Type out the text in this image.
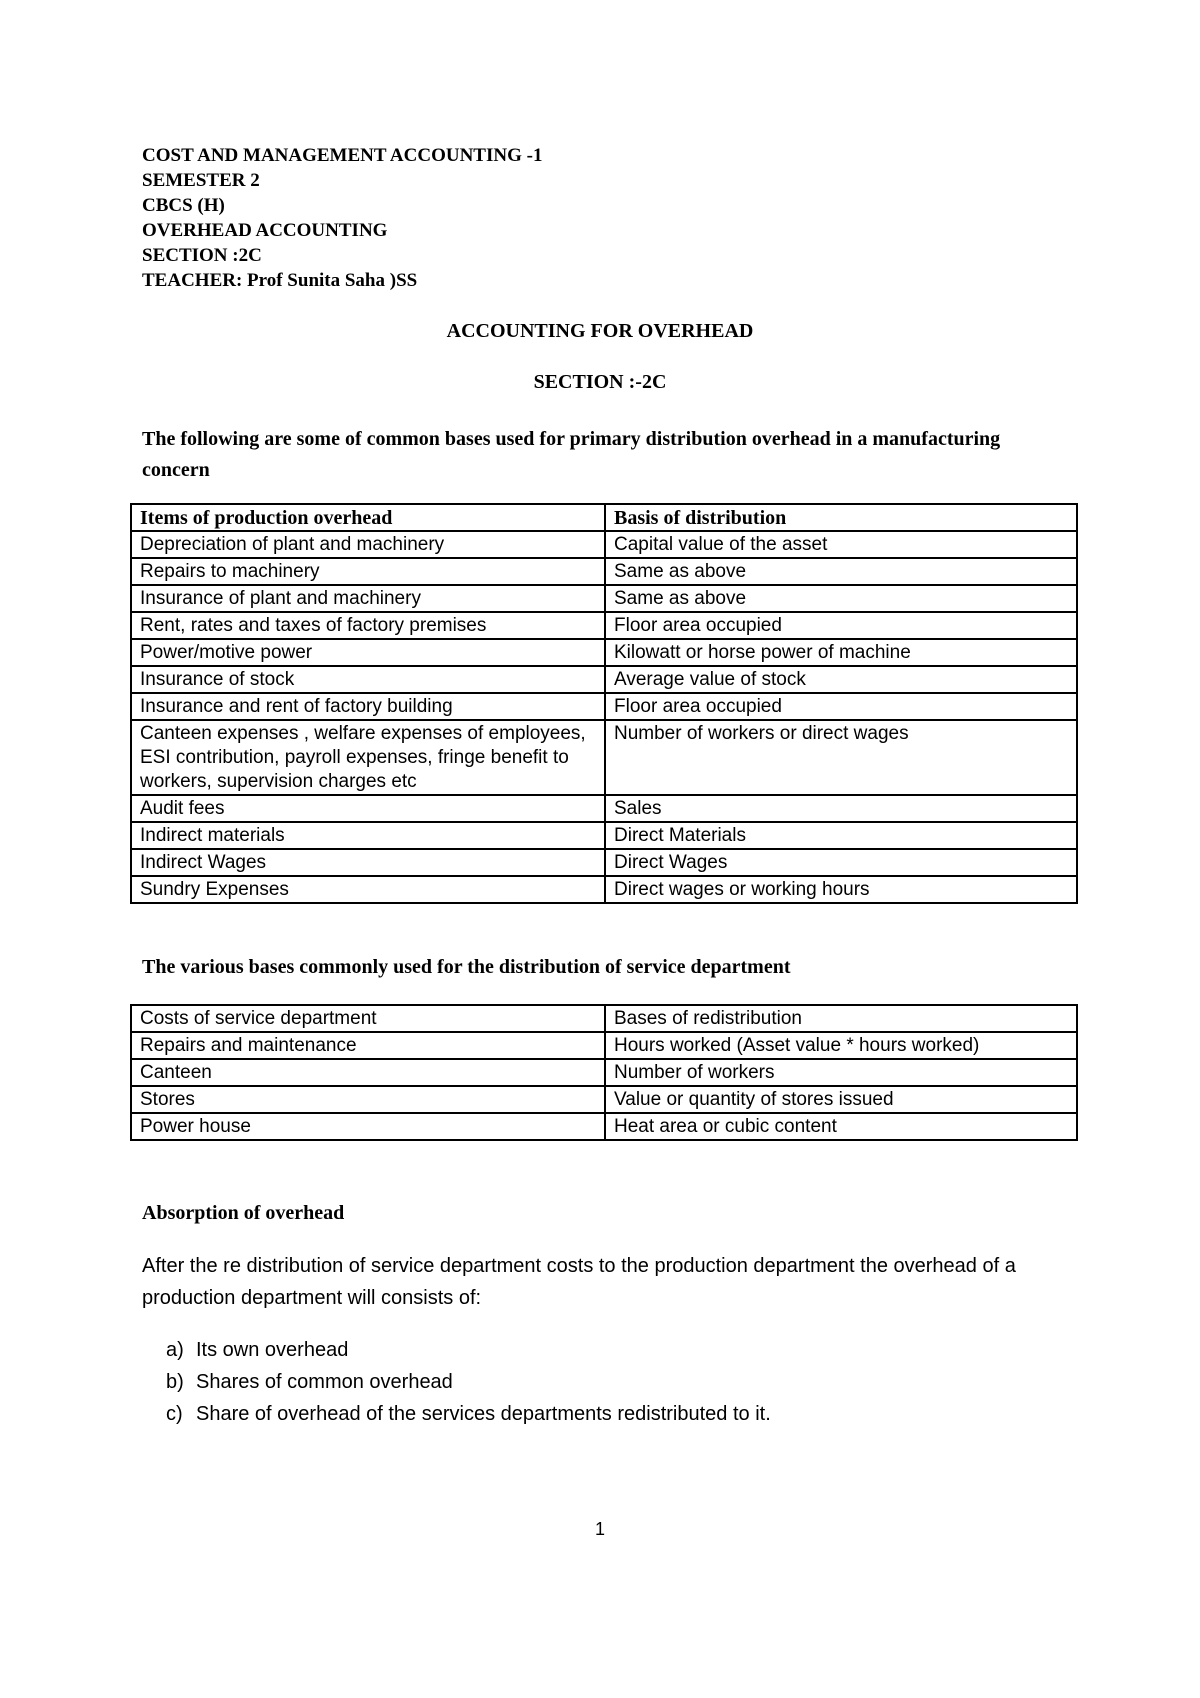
COST AND MANAGEMENT ACCOUNTING -1
SEMESTER 2
CBCS (H)
OVERHEAD ACCOUNTING
SECTION :2C
TEACHER: Prof Sunita Saha )SS
ACCOUNTING FOR OVERHEAD
SECTION :-2C
The following are some of common bases used for primary distribution overhead in a manufacturing concern
Items of production overhead	Basis of distribution
Depreciation of plant and machinery	Capital value of the asset
Repairs to machinery	Same as above
Insurance of plant and machinery	Same as above
Rent, rates and taxes of factory premises	Floor area occupied
Power/motive power	Kilowatt or horse power of machine
Insurance of stock	Average value of stock
Insurance and rent of factory building	Floor area occupied
Canteen expenses , welfare expenses of employees, ESI contribution, payroll expenses, fringe benefit to workers, supervision charges etc	Number of workers or direct wages
Audit fees	Sales
Indirect materials	Direct Materials
Indirect Wages	Direct Wages
Sundry Expenses	Direct wages or working hours
The various bases commonly used for the distribution of service department
Costs of service department	Bases of redistribution
Repairs and maintenance	Hours worked (Asset value * hours worked)
Canteen	Number of workers
Stores	Value or quantity of stores issued
Power house	Heat area or cubic content
Absorption of overhead
After the re distribution of service department costs to the production department the overhead of a production department will consists of:
a) Its own overhead
b) Shares of common overhead
c) Share of overhead of the services departments redistributed to it.
1
